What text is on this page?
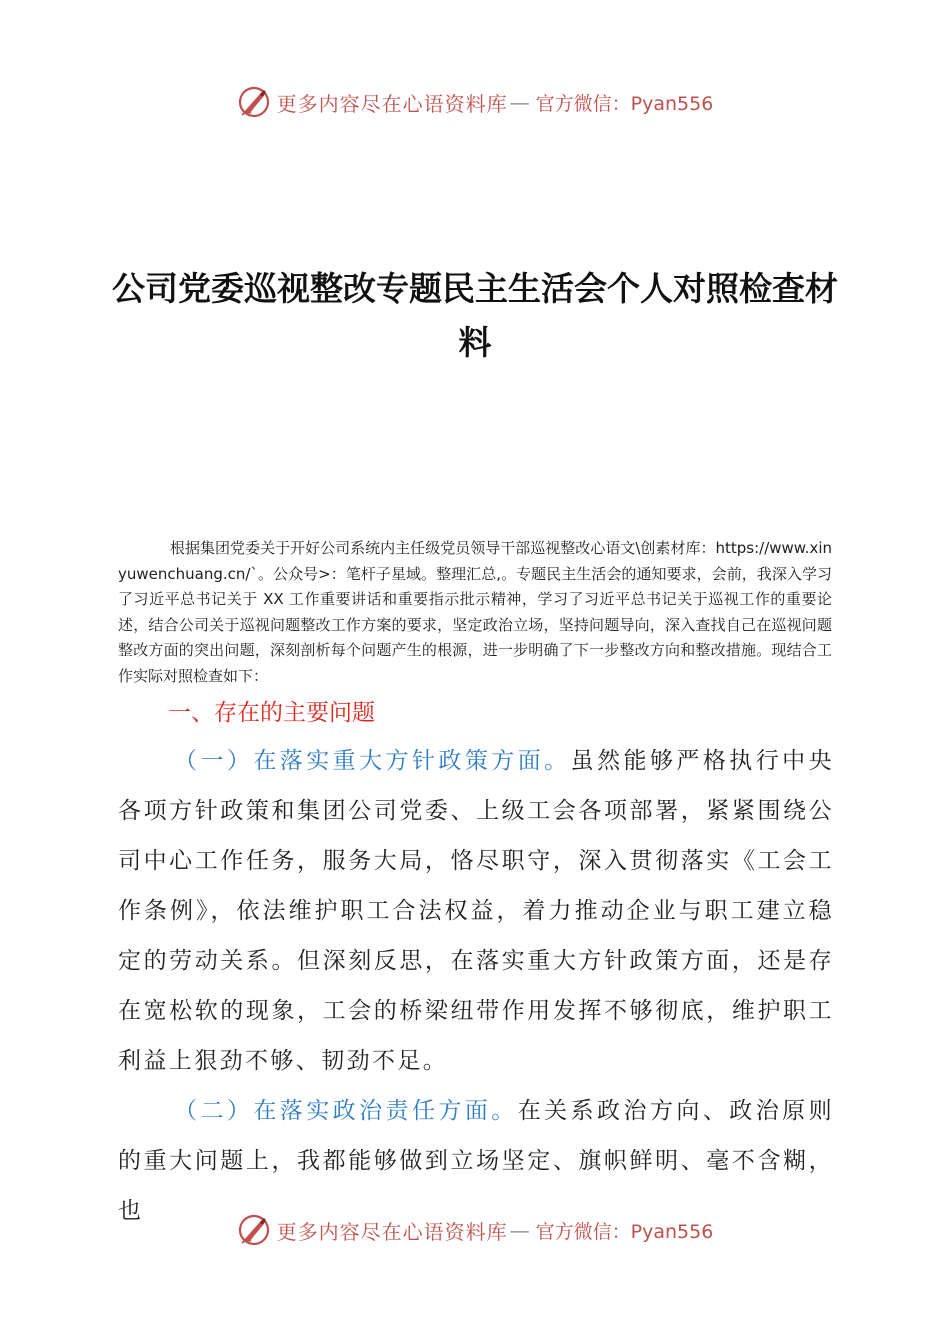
更多内容尽在心语资料库 — 官方微信：Pyan556
公司党委巡视整改专题民主生活会个人对照检查材料

根据集团党委关于开好公司系统内主任级党员领导干部巡视整改心语文\创素材库：https://www.xinyuwenchuang.cn/`。公众号>：笔杆子星域。整理汇总,。专题民主生活会的通知要求，会前，我深入学习了习近平总书记关于 XX 工作重要讲话和重要指示批示精神，学习了习近平总书记关于巡视工作的重要论述，结合公司关于巡视问题整改工作方案的要求，坚定政治立场，坚持问题导向，深入查找自己在巡视问题整改方面的突出问题，深刻剖析每个问题产生的根源，进一步明确了下一步整改方向和整改措施。现结合工作实际对照检查如下：

一、存在的主要问题

（一）在落实重大方针政策方面。虽然能够严格执行中央各项方针政策和集团公司党委、上级工会各项部署，紧紧围绕公司中心工作任务，服务大局，恪尽职守，深入贯彻落实《工会工作条例》，依法维护职工合法权益，着力推动企业与职工建立稳定的劳动关系。但深刻反思，在落实重大方针政策方面，还是存在宽松软的现象，工会的桥梁纽带作用发挥不够彻底，维护职工利益上狠劲不够、韧劲不足。

（二）在落实政治责任方面。在关系政治方向、政治原则的重大问题上，我都能够做到立场坚定、旗帜鲜明、毫不含糊，也

更多内容尽在心语资料库 — 官方微信：Pyan556
